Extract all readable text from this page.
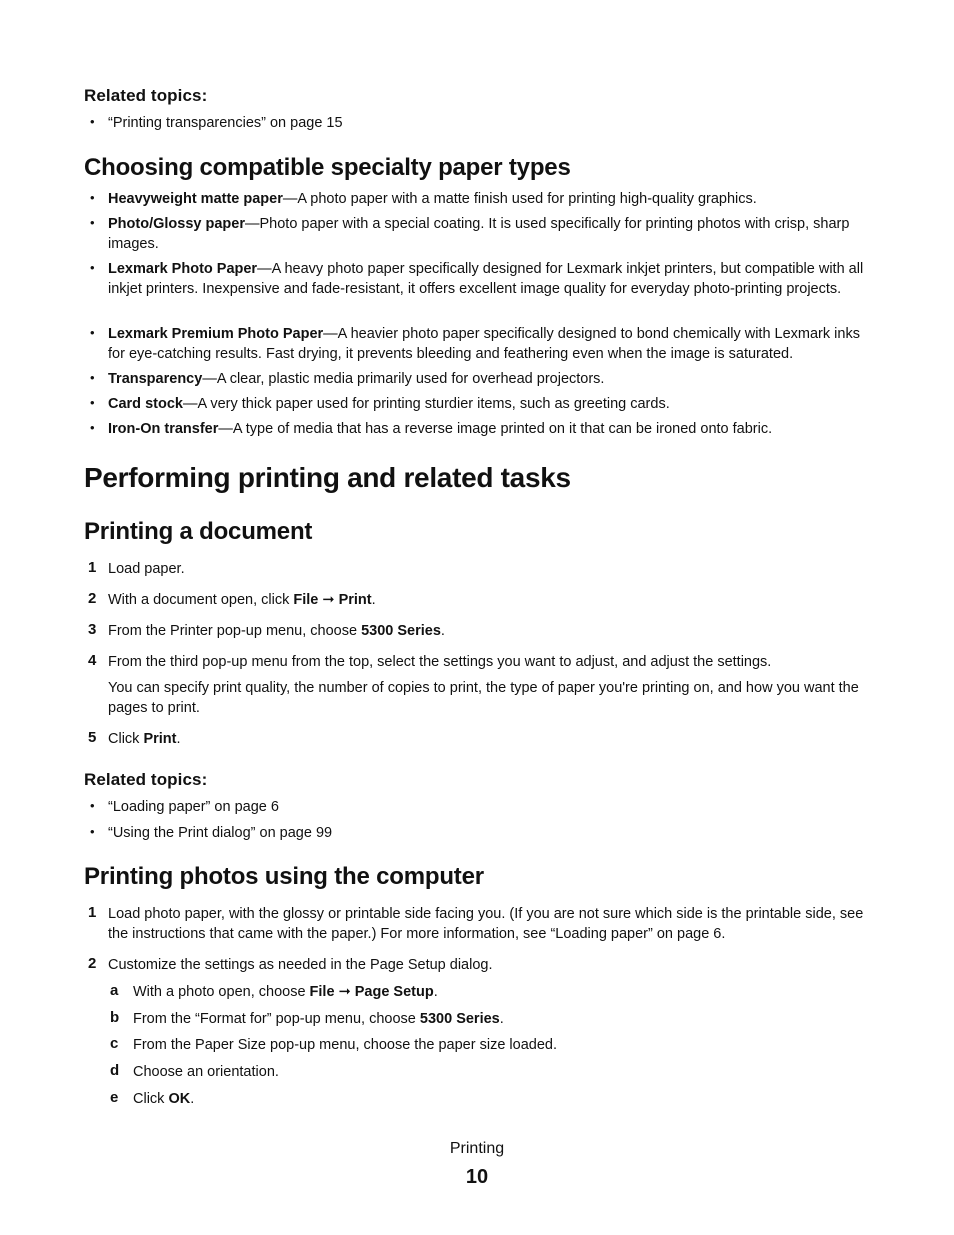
Related topics:
• “Printing transparencies” on page 15
Choosing compatible specialty paper types
• Heavyweight matte paper—A photo paper with a matte finish used for printing high-quality graphics.
• Photo/Glossy paper—Photo paper with a special coating. It is used specifically for printing photos with crisp, sharp images.
• Lexmark Photo Paper—A heavy photo paper specifically designed for Lexmark inkjet printers, but compatible with all inkjet printers. Inexpensive and fade-resistant, it offers excellent image quality for everyday photo-printing projects.
• Lexmark Premium Photo Paper—A heavier photo paper specifically designed to bond chemically with Lexmark inks for eye-catching results. Fast drying, it prevents bleeding and feathering even when the image is saturated.
• Transparency—A clear, plastic media primarily used for overhead projectors.
• Card stock—A very thick paper used for printing sturdier items, such as greeting cards.
• Iron-On transfer—A type of media that has a reverse image printed on it that can be ironed onto fabric.
Performing printing and related tasks
Printing a document
1 Load paper.
2 With a document open, click File ➞ Print.
3 From the Printer pop-up menu, choose 5300 Series.
4 From the third pop-up menu from the top, select the settings you want to adjust, and adjust the settings.
You can specify print quality, the number of copies to print, the type of paper you're printing on, and how you want the pages to print.
5 Click Print.
Related topics:
• “Loading paper” on page 6
• “Using the Print dialog” on page 99
Printing photos using the computer
1 Load photo paper, with the glossy or printable side facing you. (If you are not sure which side is the printable side, see the instructions that came with the paper.) For more information, see “Loading paper” on page 6.
2 Customize the settings as needed in the Page Setup dialog.
a	With a photo open, choose File ➞ Page Setup.
b From the “Format for” pop-up menu, choose 5300 Series.
c	From the Paper Size pop-up menu, choose the paper size loaded.
d Choose an orientation.
e	Click OK.
Printing
10
